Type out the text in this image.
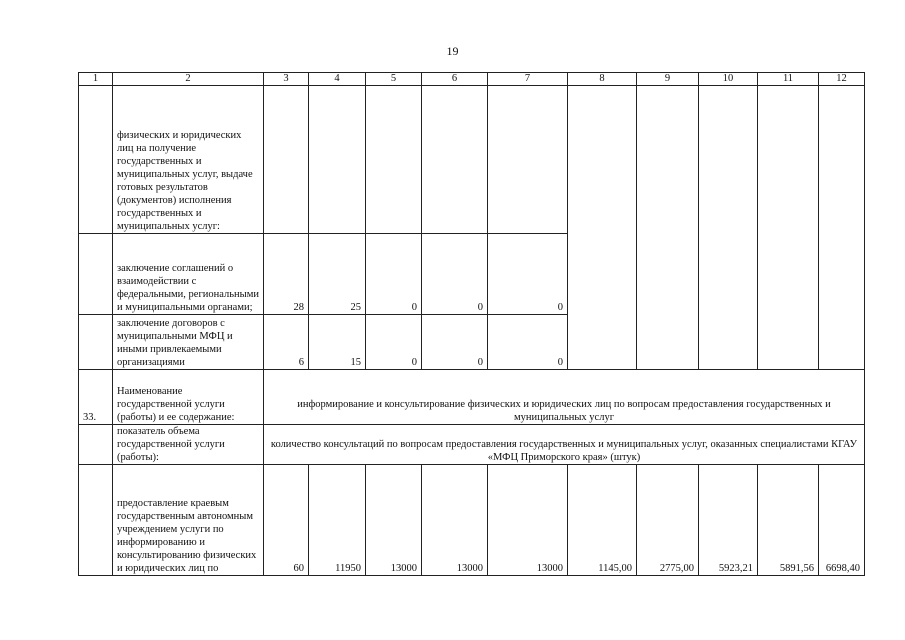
19
1	2	3	4	5	6	7	8	9	10	11	12
	физических и юридических лиц на получение государственных и муниципальных услуг, выдаче готовых результатов (документов) исполнения государственных и муниципальных услуг:										
	заключение соглашений о взаимодействии с федеральными, региональными и муниципальными органами;	28	25	0	0	0					
	заключение договоров с муниципальными МФЦ и иными привлекаемыми организациями	6	15	0	0	0					
33.	Наименование государственной услуги (работы) и ее содержание:	информирование и консультирование физических и юридических лиц по вопросам предоставления государственных и муниципальных услуг									
	показатель объема государственной услуги (работы):	количество консультаций по вопросам предоставления государственных и муниципальных услуг, оказанных специалистами КГАУ «МФЦ Приморского края» (штук)									
	предоставление краевым государственным автономным учреждением услуги по информированию и консультированию физических и юридических лиц по	60	11950	13000	13000	13000	1145,00	2775,00	5923,21	5891,56	6698,40
